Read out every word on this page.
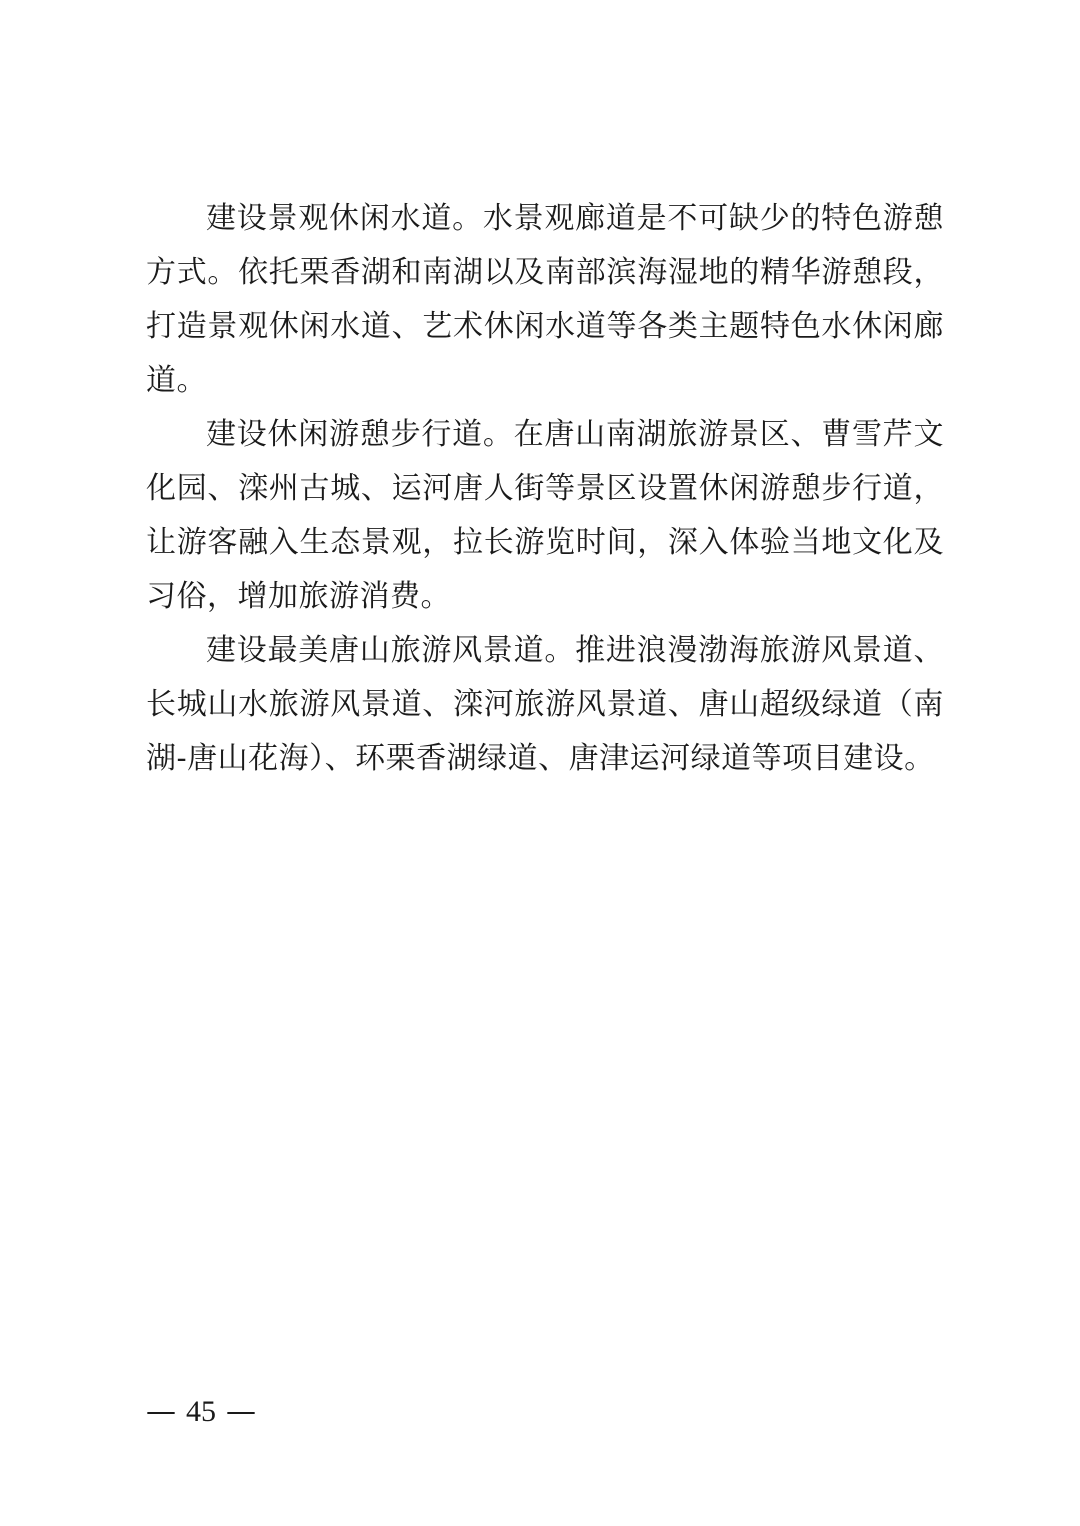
建设景观休闲水道。水景观廊道是不可缺少的特色游憩方式。依托栗香湖和南湖以及南部滨海湿地的精华游憩段，打造景观休闲水道、艺术休闲水道等各类主题特色水休闲廊道。

建设休闲游憩步行道。在唐山南湖旅游景区、曹雪芹文化园、滦州古城、运河唐人街等景区设置休闲游憩步行道，让游客融入生态景观，拉长游览时间，深入体验当地文化及习俗，增加旅游消费。

建设最美唐山旅游风景道。推进浪漫渤海旅游风景道、长城山水旅游风景道、滦河旅游风景道、唐山超级绿道（南湖-唐山花海）、环栗香湖绿道、唐津运河绿道等项目建设。

— 45 —
